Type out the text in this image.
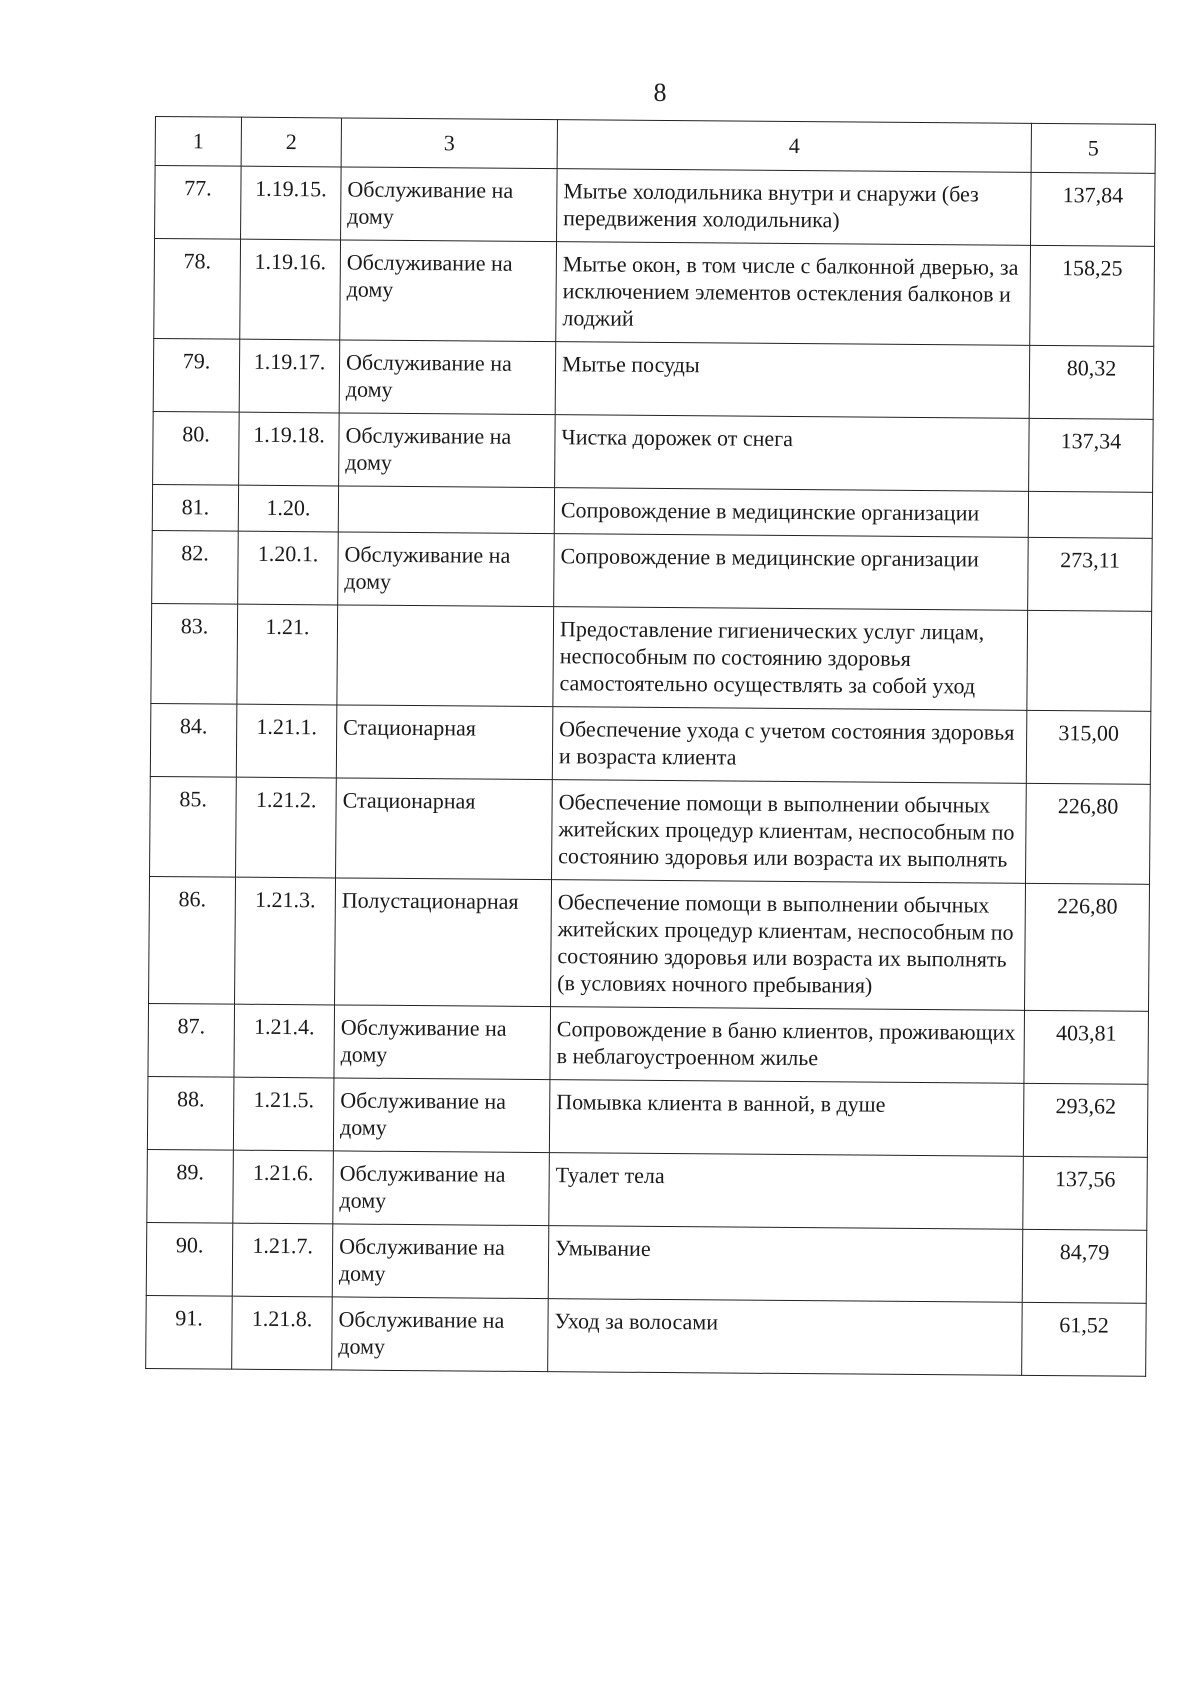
8
1	2	3	4	5
77.	1.19.15.	Обслуживание на дому	Мытье холодильника внутри и снаружи (без передвижения холодильника)	137,84
78.	1.19.16.	Обслуживание на дому	Мытье окон, в том числе с балконной дверью, за исключением элементов остекления балконов и лоджий	158,25
79.	1.19.17.	Обслуживание на дому	Мытье посуды	80,32
80.	1.19.18.	Обслуживание на дому	Чистка дорожек от снега	137,34
81.	1.20.		Сопровождение в медицинские организации	
82.	1.20.1.	Обслуживание на дому	Сопровождение в медицинские организации	273,11
83.	1.21.		Предоставление гигиенических услуг лицам, неспособным по состоянию здоровья самостоятельно осуществлять за собой уход	
84.	1.21.1.	Стационарная	Обеспечение ухода с учетом состояния здоровья и возраста клиента	315,00
85.	1.21.2.	Стационарная	Обеспечение помощи в выполнении обычных житейских процедур клиентам, неспособным по состоянию здоровья или возраста их выполнять	226,80
86.	1.21.3.	Полустационарная	Обеспечение помощи в выполнении обычных житейских процедур клиентам, неспособным по состоянию здоровья или возраста их выполнять (в условиях ночного пребывания)	226,80
87.	1.21.4.	Обслуживание на дому	Сопровождение в баню клиентов, проживающих в неблагоустроенном жилье	403,81
88.	1.21.5.	Обслуживание на дому	Помывка клиента в ванной, в душе	293,62
89.	1.21.6.	Обслуживание на дому	Туалет тела	137,56
90.	1.21.7.	Обслуживание на дому	Умывание	84,79
91.	1.21.8.	Обслуживание на дому	Уход за волосами	61,52
